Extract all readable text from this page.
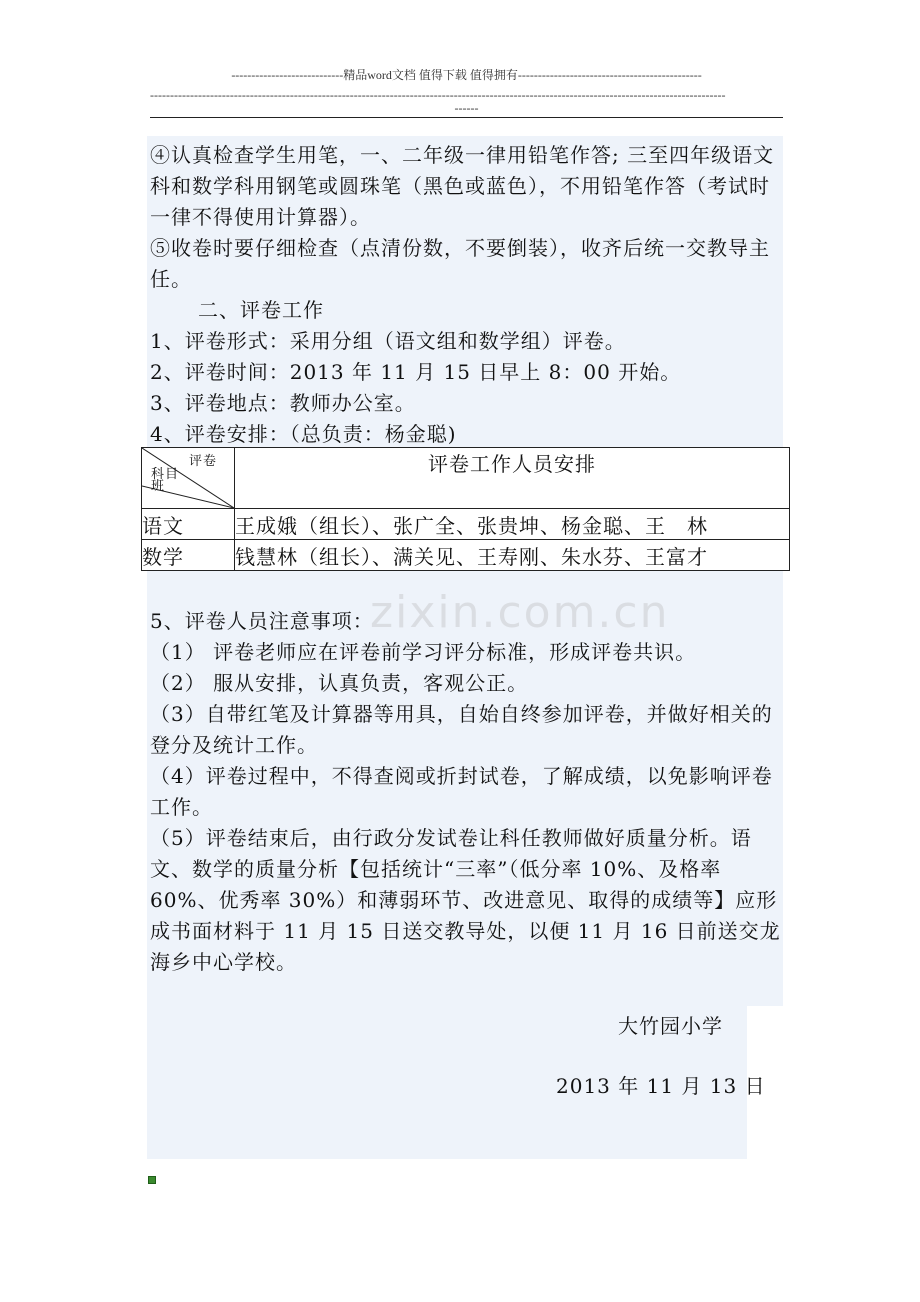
----------------------------精品word文档 值得下载 值得拥有----------------------------------------------
------------------------------------------------------------------------------------------------------------------------------------------------
------
zixin.com.cn

④认真检查学生用笔，一、二年级一律用铅笔作答; 三至四年级语文科和数学科用钢笔或圆珠笔（黑色或蓝色），不用铅笔作答（考试时一律不得使用计算器）。

⑤收卷时要仔细检查（点清份数，不要倒装），收齐后统一交教导主任。

二、评卷工作

1、评卷形式：采用分组（语文组和数学组）评卷。

2、评卷时间：2013 年 11 月 15 日早上 8：00 开始。

3、评卷地点：教师办公室。

4、评卷安排：（总负责：杨金聪)

评卷
科目
班	评卷工作人员安排
语文	王成娥（组长）、张广全、张贵坤、杨金聪、王　林
数学	钱慧林（组长）、满关见、王寿刚、朱水芬、王富才

5、评卷人员注意事项：

（1） 评卷老师应在评卷前学习评分标准，形成评卷共识。

（2） 服从安排，认真负责，客观公正。

（3）自带红笔及计算器等用具，自始自终参加评卷，并做好相关的登分及统计工作。

（4）评卷过程中，不得查阅或折封试卷，了解成绩，以免影响评卷工作。

（5）评卷结束后，由行政分发试卷让科任教师做好质量分析。语文、数学的质量分析【包括统计“三率”（低分率 10%、及格率 60%、优秀率 30%）和薄弱环节、改进意见、取得的成绩等】应形成书面材料于 11 月 15 日送交教导处，以便 11 月 16 日前送交龙海乡中心学校。

大竹园小学
2013 年 11 月 13 日
